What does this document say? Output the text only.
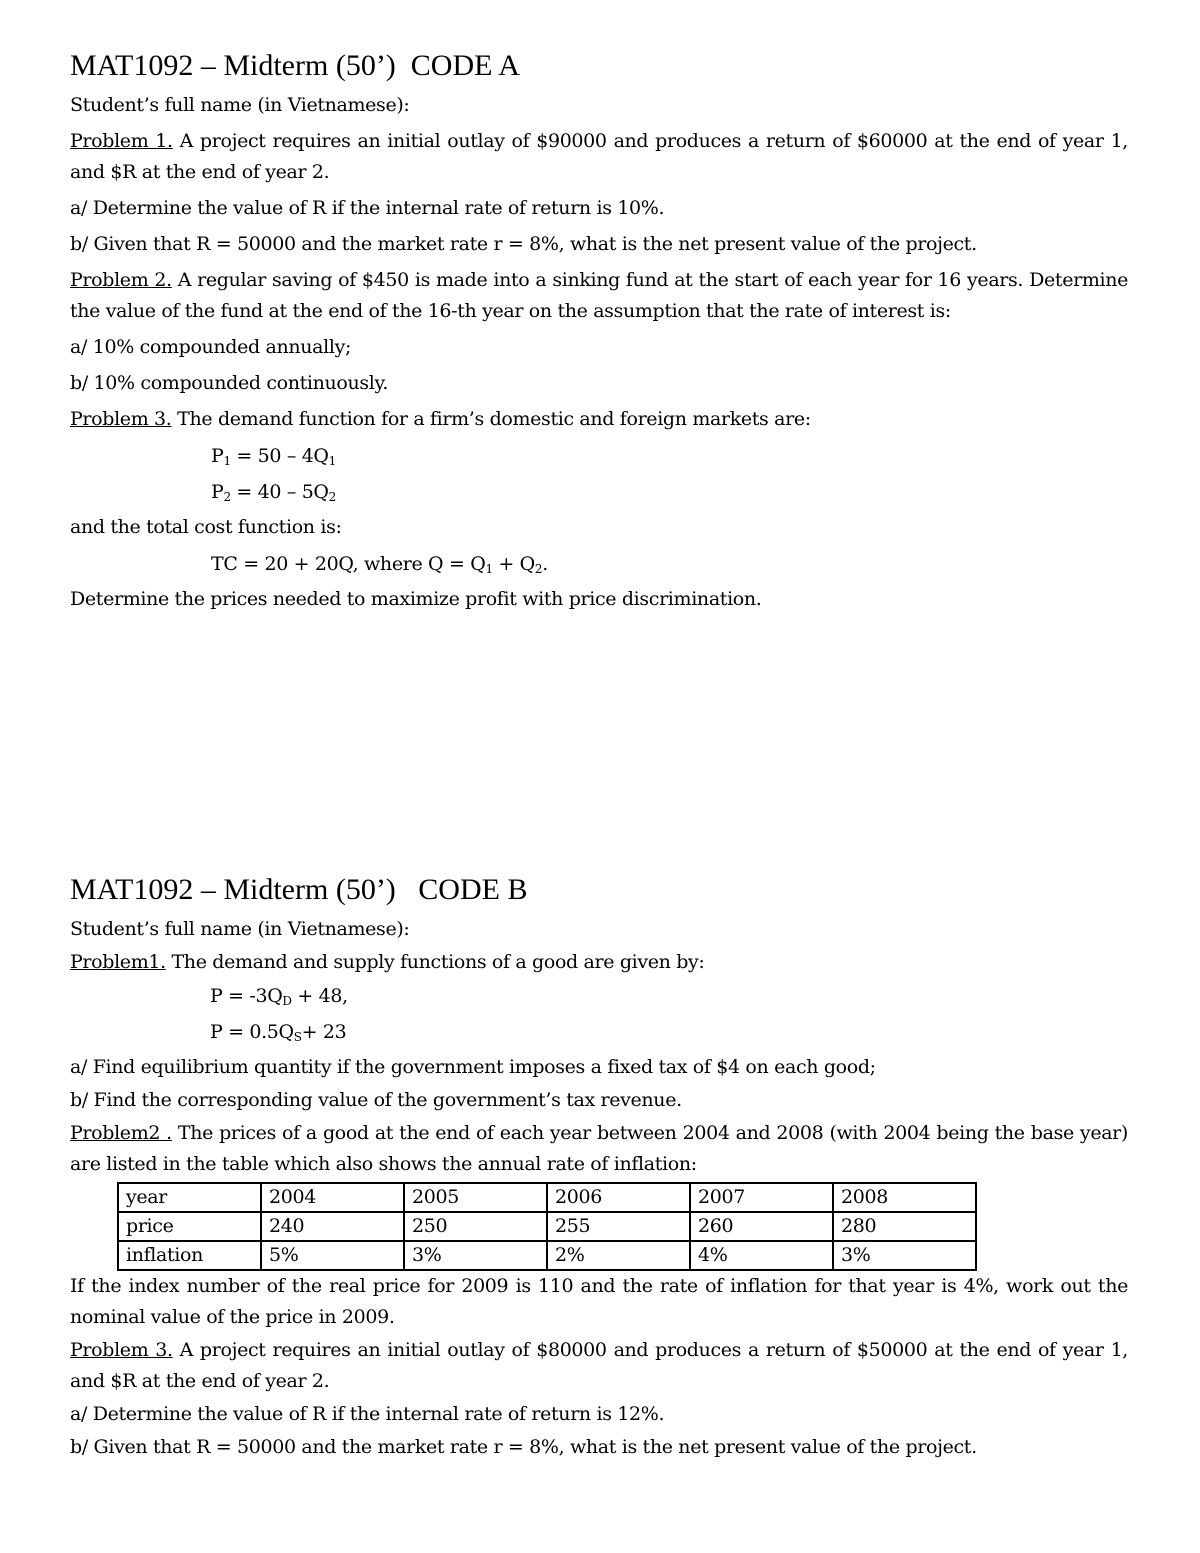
MAT1092 – Midterm (50’)  CODE A
Student’s full name (in Vietnamese):
Problem 1. A project requires an initial outlay of $90000 and produces a return of $60000 at the end of year 1, and $R at the end of year 2.
a/ Determine the value of R if the internal rate of return is 10%.
b/ Given that R = 50000 and the market rate r = 8%, what is the net present value of the project.
Problem 2. A regular saving of $450 is made into a sinking fund at the start of each year for 16 years. Determine the value of the fund at the end of the 16-th year on the assumption that the rate of interest is:
a/ 10% compounded annually;
b/ 10% compounded continuously.
Problem 3. The demand function for a firm’s domestic and foreign markets are:
$P_1 = 50 - 4Q_1$
$P_2 = 40 - 5Q_2$
and the total cost function is:
TC = 20 + 20Q, where $Q = Q_1 + Q_2$.
Determine the prices needed to maximize profit with price discrimination.
MAT1092 – Midterm (50’)   CODE B
Student’s full name (in Vietnamese):
Problem1. The demand and supply functions of a good are given by:
$P = -3Q_D + 48$,
$P = 0.5Q_S+ 23$
a/ Find equilibrium quantity if the government imposes a fixed tax of $4 on each good;
b/ Find the corresponding value of the government’s tax revenue.
Problem2 . The prices of a good at the end of each year between 2004 and 2008 (with 2004 being the base year) are listed in the table which also shows the annual rate of inflation:
year	2004	2005	2006	2007	2008
price	240	250	255	260	280
inflation	5%	3%	2%	4%	3%
If the index number of the real price for 2009 is 110 and the rate of inflation for that year is 4%, work out the nominal value of the price in 2009.
Problem 3. A project requires an initial outlay of $80000 and produces a return of $50000 at the end of year 1, and $R at the end of year 2.
a/ Determine the value of R if the internal rate of return is 12%.
b/ Given that R = 50000 and the market rate r = 8%, what is the net present value of the project.
